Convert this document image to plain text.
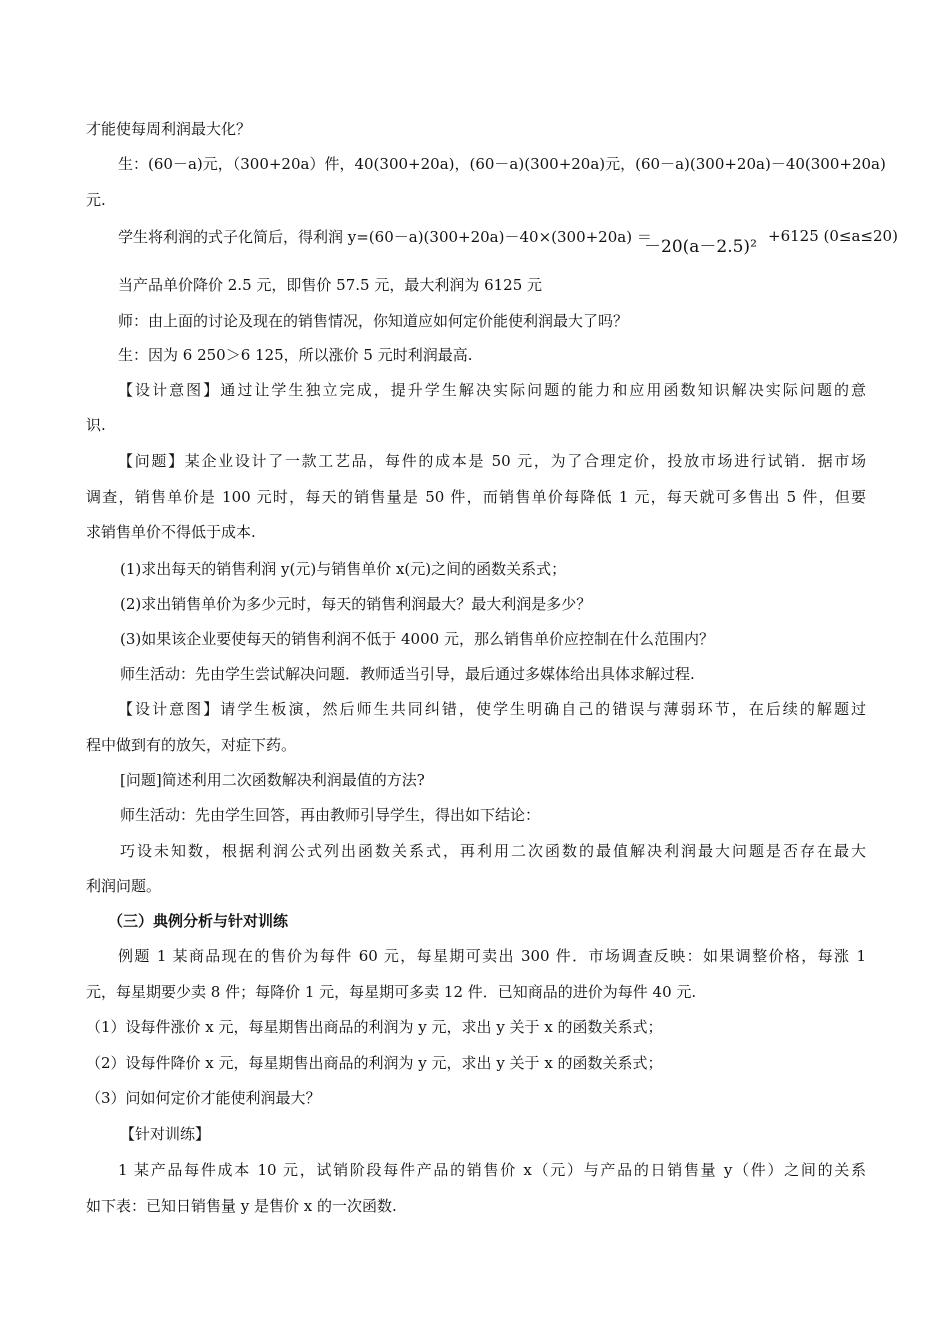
才能使每周利润最大化？
生：(60－a)元，（300+20a）件，40(300+20a)，(60－a)(300+20a)元，(60－a)(300+20a)－40(300+20a)
元.
学生将利润的式子化简后，得利润 y=(60－a)(300+20a)－40×(300+20a) ＝
－20(a－2.5)²
+6125 (0≤a≤20)
当产品单价降价 2.5 元，即售价 57.5 元，最大利润为 6125 元
师：由上面的讨论及现在的销售情况，你知道应如何定价能使利润最大了吗？
生：因为 6 250＞6 125，所以涨价 5 元时利润最高.
【设计意图】通过让学生独立完成，提升学生解决实际问题的能力和应用函数知识解决实际问题的意
识.
【问题】某企业设计了一款工艺品，每件的成本是 50 元，为了合理定价，投放市场进行试销．据市场
调查，销售单价是 100 元时，每天的销售量是 50 件，而销售单价每降低 1 元，每天就可多售出 5 件，但要
求销售单价不得低于成本.
(1)求出每天的销售利润 y(元)与销售单价 x(元)之间的函数关系式；
(2)求出销售单价为多少元时，每天的销售利润最大？最大利润是多少？
(3)如果该企业要使每天的销售利润不低于 4000 元，那么销售单价应控制在什么范围内？
师生活动：先由学生尝试解决问题．教师适当引导，最后通过多媒体给出具体求解过程.
【设计意图】请学生板演，然后师生共同纠错，使学生明确自己的错误与薄弱环节，在后续的解题过
程中做到有的放矢，对症下药。
[问题]简述利用二次函数解决利润最值的方法?
师生活动：先由学生回答，再由教师引导学生，得出如下结论：
巧设未知数，根据利润公式列出函数关系式，再利用二次函数的最值解决利润最大问题是否存在最大
利润问题。
（三）典例分析与针对训练
例题 1 某商品现在的售价为每件 60 元，每星期可卖出 300 件．市场调查反映：如果调整价格，每涨 1
元，每星期要少卖 8 件；每降价 1 元，每星期可多卖 12 件．已知商品的进价为每件 40 元.
（1）设每件涨价 x 元，每星期售出商品的利润为 y 元，求出 y 关于 x 的函数关系式；
（2）设每件降价 x 元，每星期售出商品的利润为 y 元，求出 y 关于 x 的函数关系式；
（3）问如何定价才能使利润最大？
【针对训练】
1 某产品每件成本 10 元，试销阶段每件产品的销售价 x（元）与产品的日销售量 y（件）之间的关系
如下表：已知日销售量 y 是售价 x 的一次函数.
